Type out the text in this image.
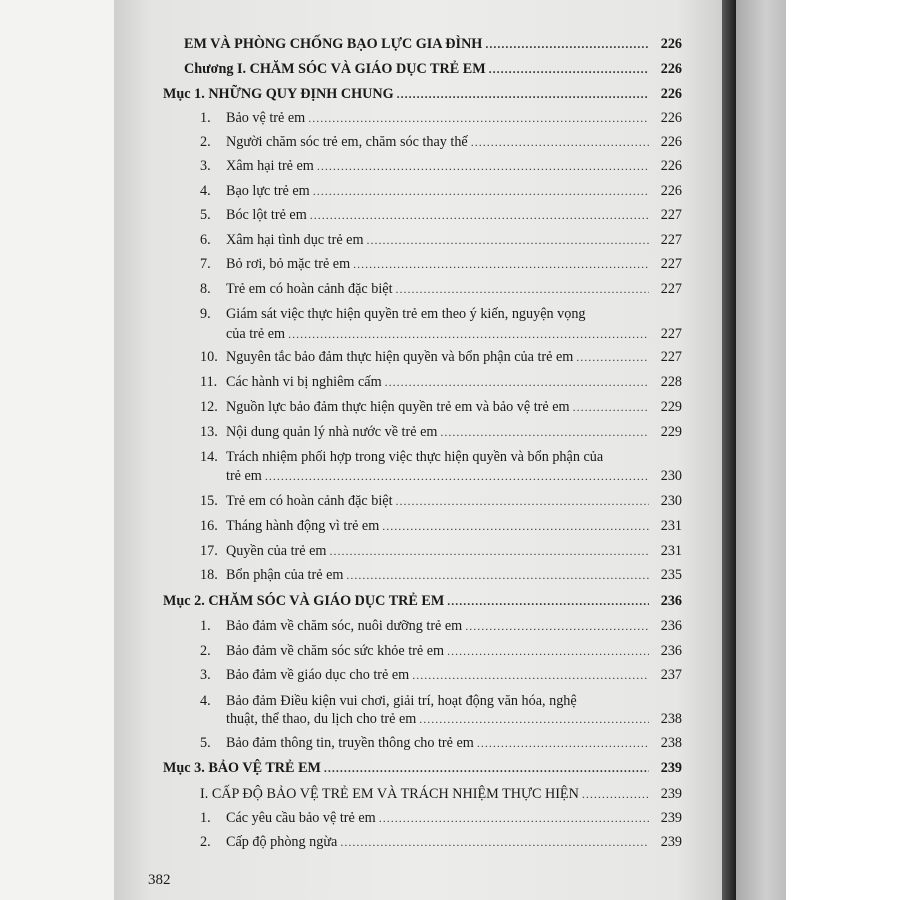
EM VÀ PHÒNG CHỐNG BẠO LỰC GIA ĐÌNH .....	226
Chương I. CHĂM SÓC VÀ GIÁO DỤC TRẺ EM .....	226
Mục 1. NHỮNG QUY ĐỊNH CHUNG .....	226
1.	Bảo vệ trẻ em .....	226
2.	Người chăm sóc trẻ em, chăm sóc thay thế .....	226
3.	Xâm hại trẻ em .....	226
4.	Bạo lực trẻ em .....	226
5.	Bóc lột trẻ em .....	227
6.	Xâm hại tình dục trẻ em .....	227
7.	Bỏ rơi, bỏ mặc trẻ em .....	227
8.	Trẻ em có hoàn cảnh đặc biệt .....	227
9.	Giám sát việc thực hiện quyền trẻ em theo ý kiến, nguyện vọng
của trẻ em .....	227
10. Nguyên tắc bảo đảm thực hiện quyền và bổn phận của trẻ em .....	227
11. Các hành vi bị nghiêm cấm .....	228
12. Nguồn lực bảo đảm thực hiện quyền trẻ em và bảo vệ trẻ em .....	229
13. Nội dung quản lý nhà nước về trẻ em .....	229
14. Trách nhiệm phối hợp trong việc thực hiện quyền và bổn phận của
trẻ em .....	230
15. Trẻ em có hoàn cảnh đặc biệt .....	230
16. Tháng hành động vì trẻ em .....	231
17. Quyền của trẻ em .....	231
18. Bổn phận của trẻ em .....	235
Mục 2. CHĂM SÓC VÀ GIÁO DỤC TRẺ EM .....	236
1.	Bảo đảm về chăm sóc, nuôi dưỡng trẻ em .....	236
2.	Bảo đảm về chăm sóc sức khỏe trẻ em .....	236
3.	Bảo đảm về giáo dục cho trẻ em .....	237
4.	Bảo đảm Điều kiện vui chơi, giải trí, hoạt động văn hóa, nghệ
thuật, thể thao, du lịch cho trẻ em .....	238
5.	Bảo đảm thông tin, truyền thông cho trẻ em .....	238
Mục 3. BẢO VỆ TRẺ EM .....	239
I. CẤP ĐỘ BẢO VỆ TRẺ EM VÀ TRÁCH NHIỆM THỰC HIỆN .....	239
1.	Các yêu cầu bảo vệ trẻ em .....	239
2.	Cấp độ phòng ngừa .....	239
382
